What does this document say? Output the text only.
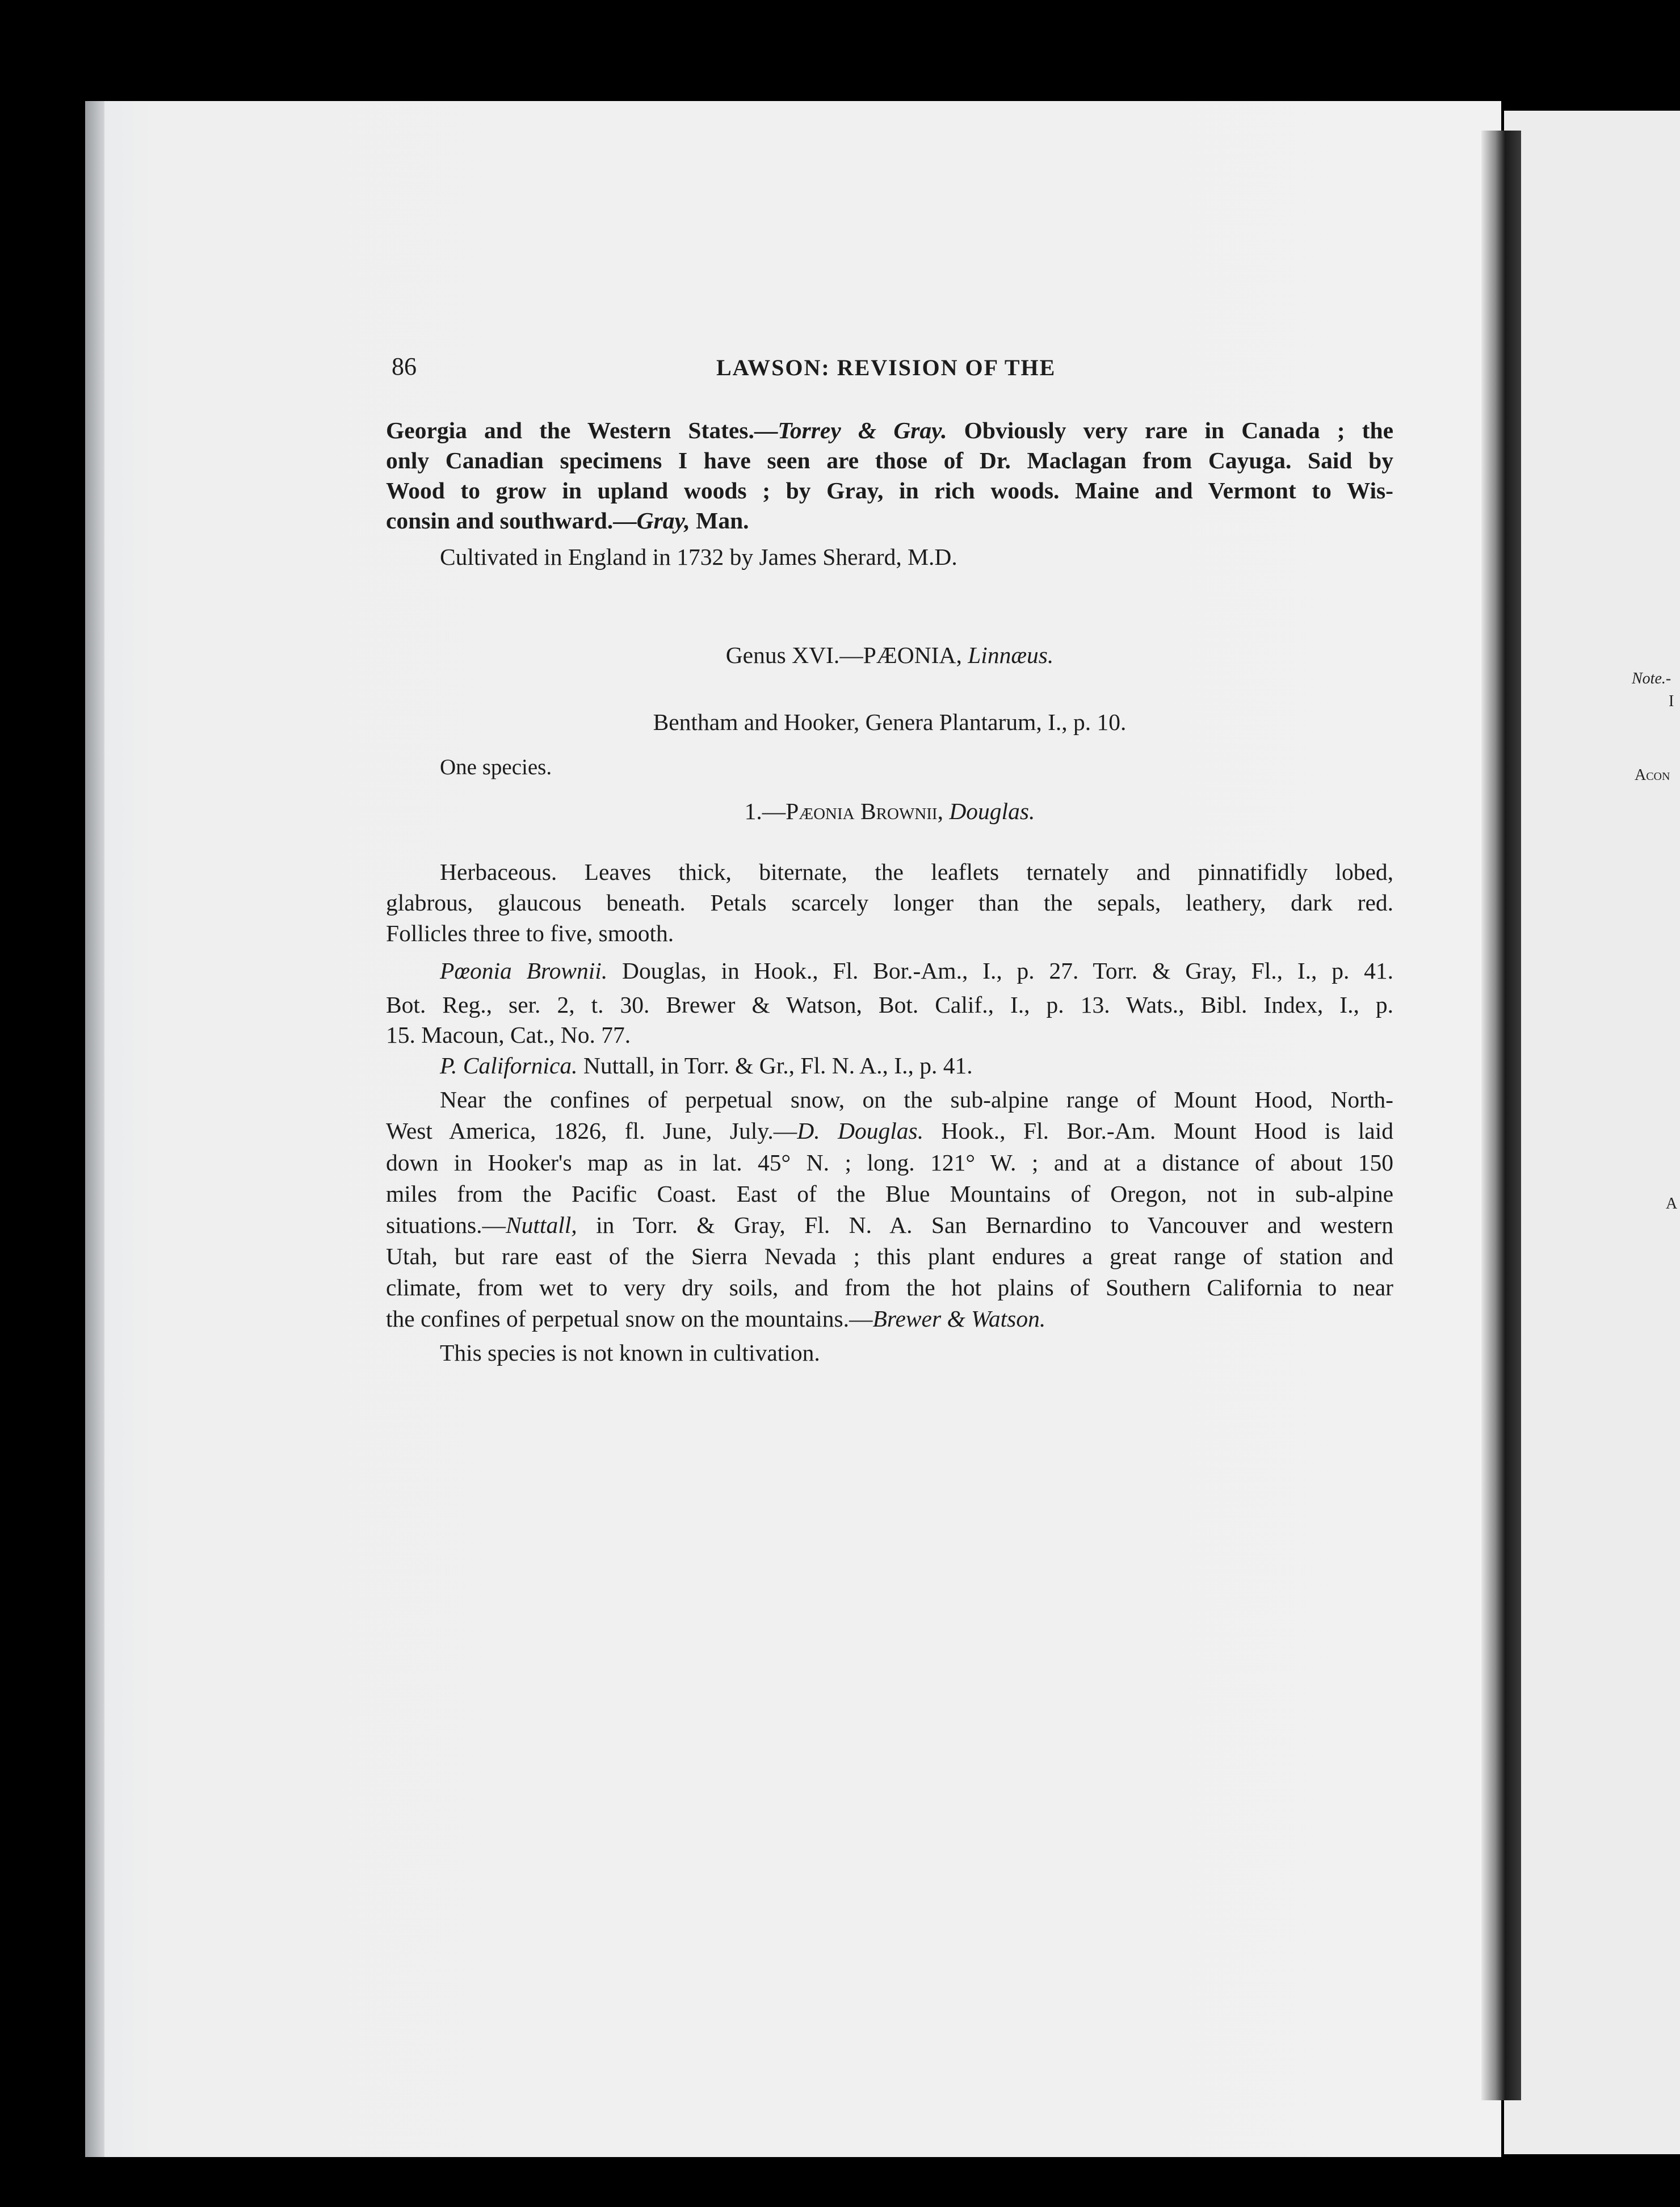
Note.-
I
Acon
A
86	LAWSON: REVISION OF THE
Georgia and the Western States.—Torrey & Gray. Obviously very rare in Canada ; the
only Canadian specimens I have seen are those of Dr. Maclagan from Cayuga. Said by
Wood to grow in upland woods ; by Gray, in rich woods. Maine and Vermont to Wis-
consin and southward.—Gray, Man.
Cultivated in England in 1732 by James Sherard, M.D.
Genus XVI.—PÆONIA, Linnæus.
Bentham and Hooker, Genera Plantarum, I., p. 10.
One species.
1.—Pæonia Brownii, Douglas.
Herbaceous. Leaves thick, biternate, the leaflets ternately and pinnatifidly lobed,
glabrous, glaucous beneath. Petals scarcely longer than the sepals, leathery, dark red.
Follicles three to five, smooth.
Pœonia Brownii. Douglas, in Hook., Fl. Bor.-Am., I., p. 27. Torr. & Gray, Fl., I., p. 41.
Bot. Reg., ser. 2, t. 30. Brewer & Watson, Bot. Calif., I., p. 13. Wats., Bibl. Index, I., p.
15. Macoun, Cat., No. 77.
P. Californica. Nuttall, in Torr. & Gr., Fl. N. A., I., p. 41.
Near the confines of perpetual snow, on the sub-alpine range of Mount Hood, North-
West America, 1826, fl. June, July.—D. Douglas. Hook., Fl. Bor.-Am. Mount Hood is laid
down in Hooker's map as in lat. 45° N. ; long. 121° W. ; and at a distance of about 150
miles from the Pacific Coast. East of the Blue Mountains of Oregon, not in sub-alpine
situations.—Nuttall, in Torr. & Gray, Fl. N. A. San Bernardino to Vancouver and western
Utah, but rare east of the Sierra Nevada ; this plant endures a great range of station and
climate, from wet to very dry soils, and from the hot plains of Southern California to near
the confines of perpetual snow on the mountains.—Brewer & Watson.
This species is not known in cultivation.
